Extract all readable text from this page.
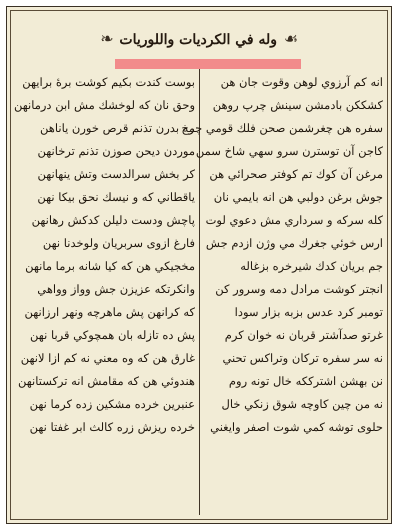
❧ وله في الكرديات واللوريات ☙
انه كم آرزوي لوهن وقوت جان هن
كشككن بادمشن سينش چرپ روهن
سفره هن چغرشمن صحن فلك قومي چرخ
كاجن آن توسترن سرو سهي شاخ سمن
مرغن آن كوك تم كوفتر صحرائي هن
جوش برغن دولبي هن انه بايمي نان
كله سركه و سرداري مش دعوي لوت
ارس خوئي جغرك مي وژن ازدم جش
جم بريان كدك شيرخره بزغاله
انجتر كوشت مرادل دمه وسرور كن
تومبر كرد عدس بزبه بزار سودا
غرتو صدآشتر قربان نه خوان كرم
نه سر سفره تركان وتراكس تحني
نن بهشن اشترككه خال تونه روم
نه من چين كاوچه شوق زنكي خال
حلوى توشه كمي شوت اصفر وايغني
بوست كندت بكيم كوشت برهٔ برايهن
وحق نان كه لوخشك مش ابن درمانهن
مه بدرن تذنم قرص خورن ياناهن
موردن دیحن صوزن تذنم ترخانهن
كر بخش سرالدست وتش ينهانهن
ياقطاني كه و نيسك نحق بيكا نهن
پاچش ودست دليلن كدكش رهانهن
فارغ ازوی سربريان ولوخدنا نهن
مخجيكي هن كه كيا شانه برما مانهن
وانكرتكه عزيزن جش وواز وواهي
كه كرانهن پش ماهرچه ونهر ارزانهن
پش ده تازله بان همچوكي قربا نهن
غارق هن كه وه معني نه كم ازا لانهن
هندوئي هن كه مقامش انه تركستانهن
عنبرين خرده مشكين زده كرما نهن
خرده ريزش زره كالث ابر غفتا نهن
